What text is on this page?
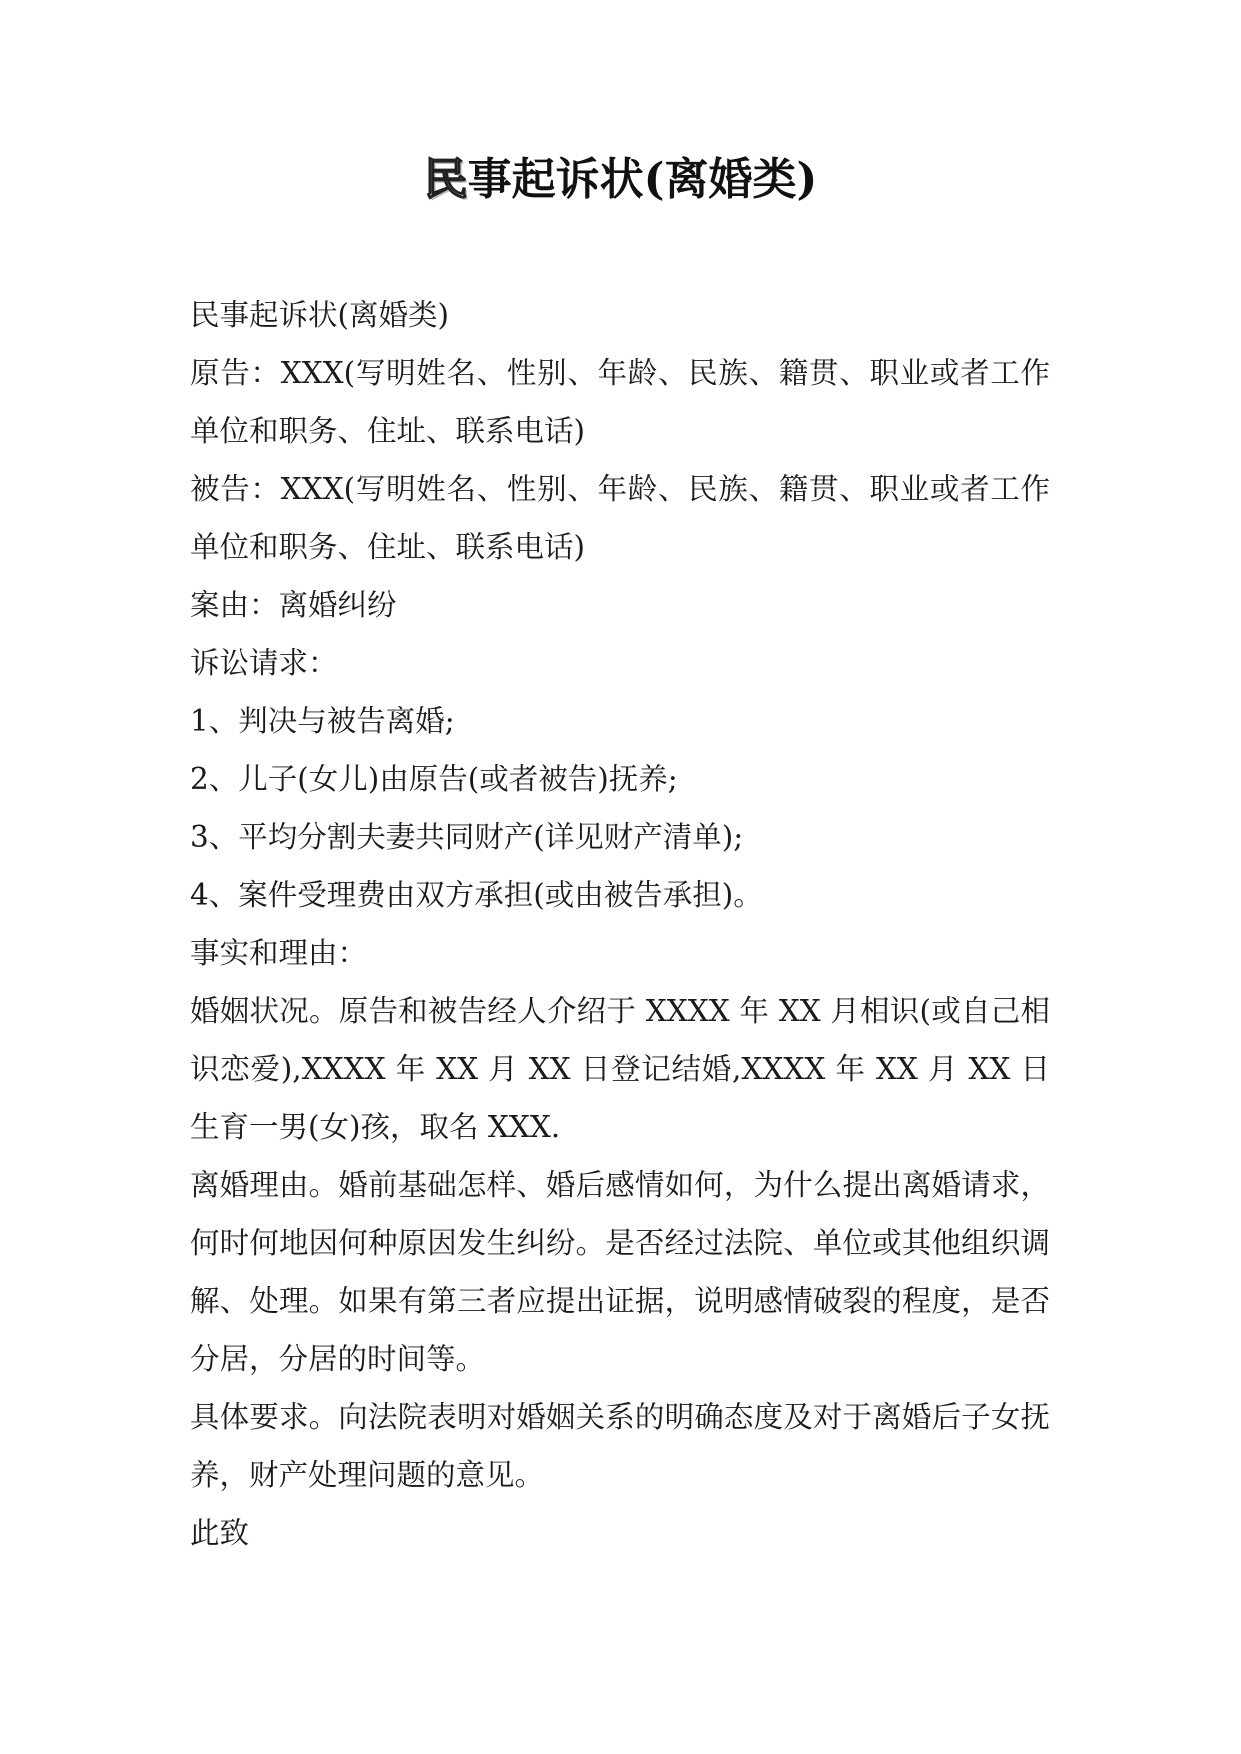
民事起诉状(离婚类)

民事起诉状(离婚类)

原告：XXX(写明姓名、性别、年龄、民族、籍贯、职业或者工作单位和职务、住址、联系电话)

被告：XXX(写明姓名、性别、年龄、民族、籍贯、职业或者工作单位和职务、住址、联系电话)

案由：离婚纠纷

诉讼请求：

1、判决与被告离婚;

2、儿子(女儿)由原告(或者被告)抚养;

3、平均分割夫妻共同财产(详见财产清单);

4、案件受理费由双方承担(或由被告承担)。

事实和理由：

婚姻状况。原告和被告经人介绍于 XXXX 年 XX 月相识(或自己相识恋爱),XXXX 年 XX 月 XX 日登记结婚,XXXX 年 XX 月 XX 日生育一男(女)孩，取名 XXX.

离婚理由。婚前基础怎样、婚后感情如何，为什么提出离婚请求，何时何地因何种原因发生纠纷。是否经过法院、单位或其他组织调解、处理。如果有第三者应提出证据，说明感情破裂的程度，是否分居，分居的时间等。

具体要求。向法院表明对婚姻关系的明确态度及对于离婚后子女抚养，财产处理问题的意见。

此致
